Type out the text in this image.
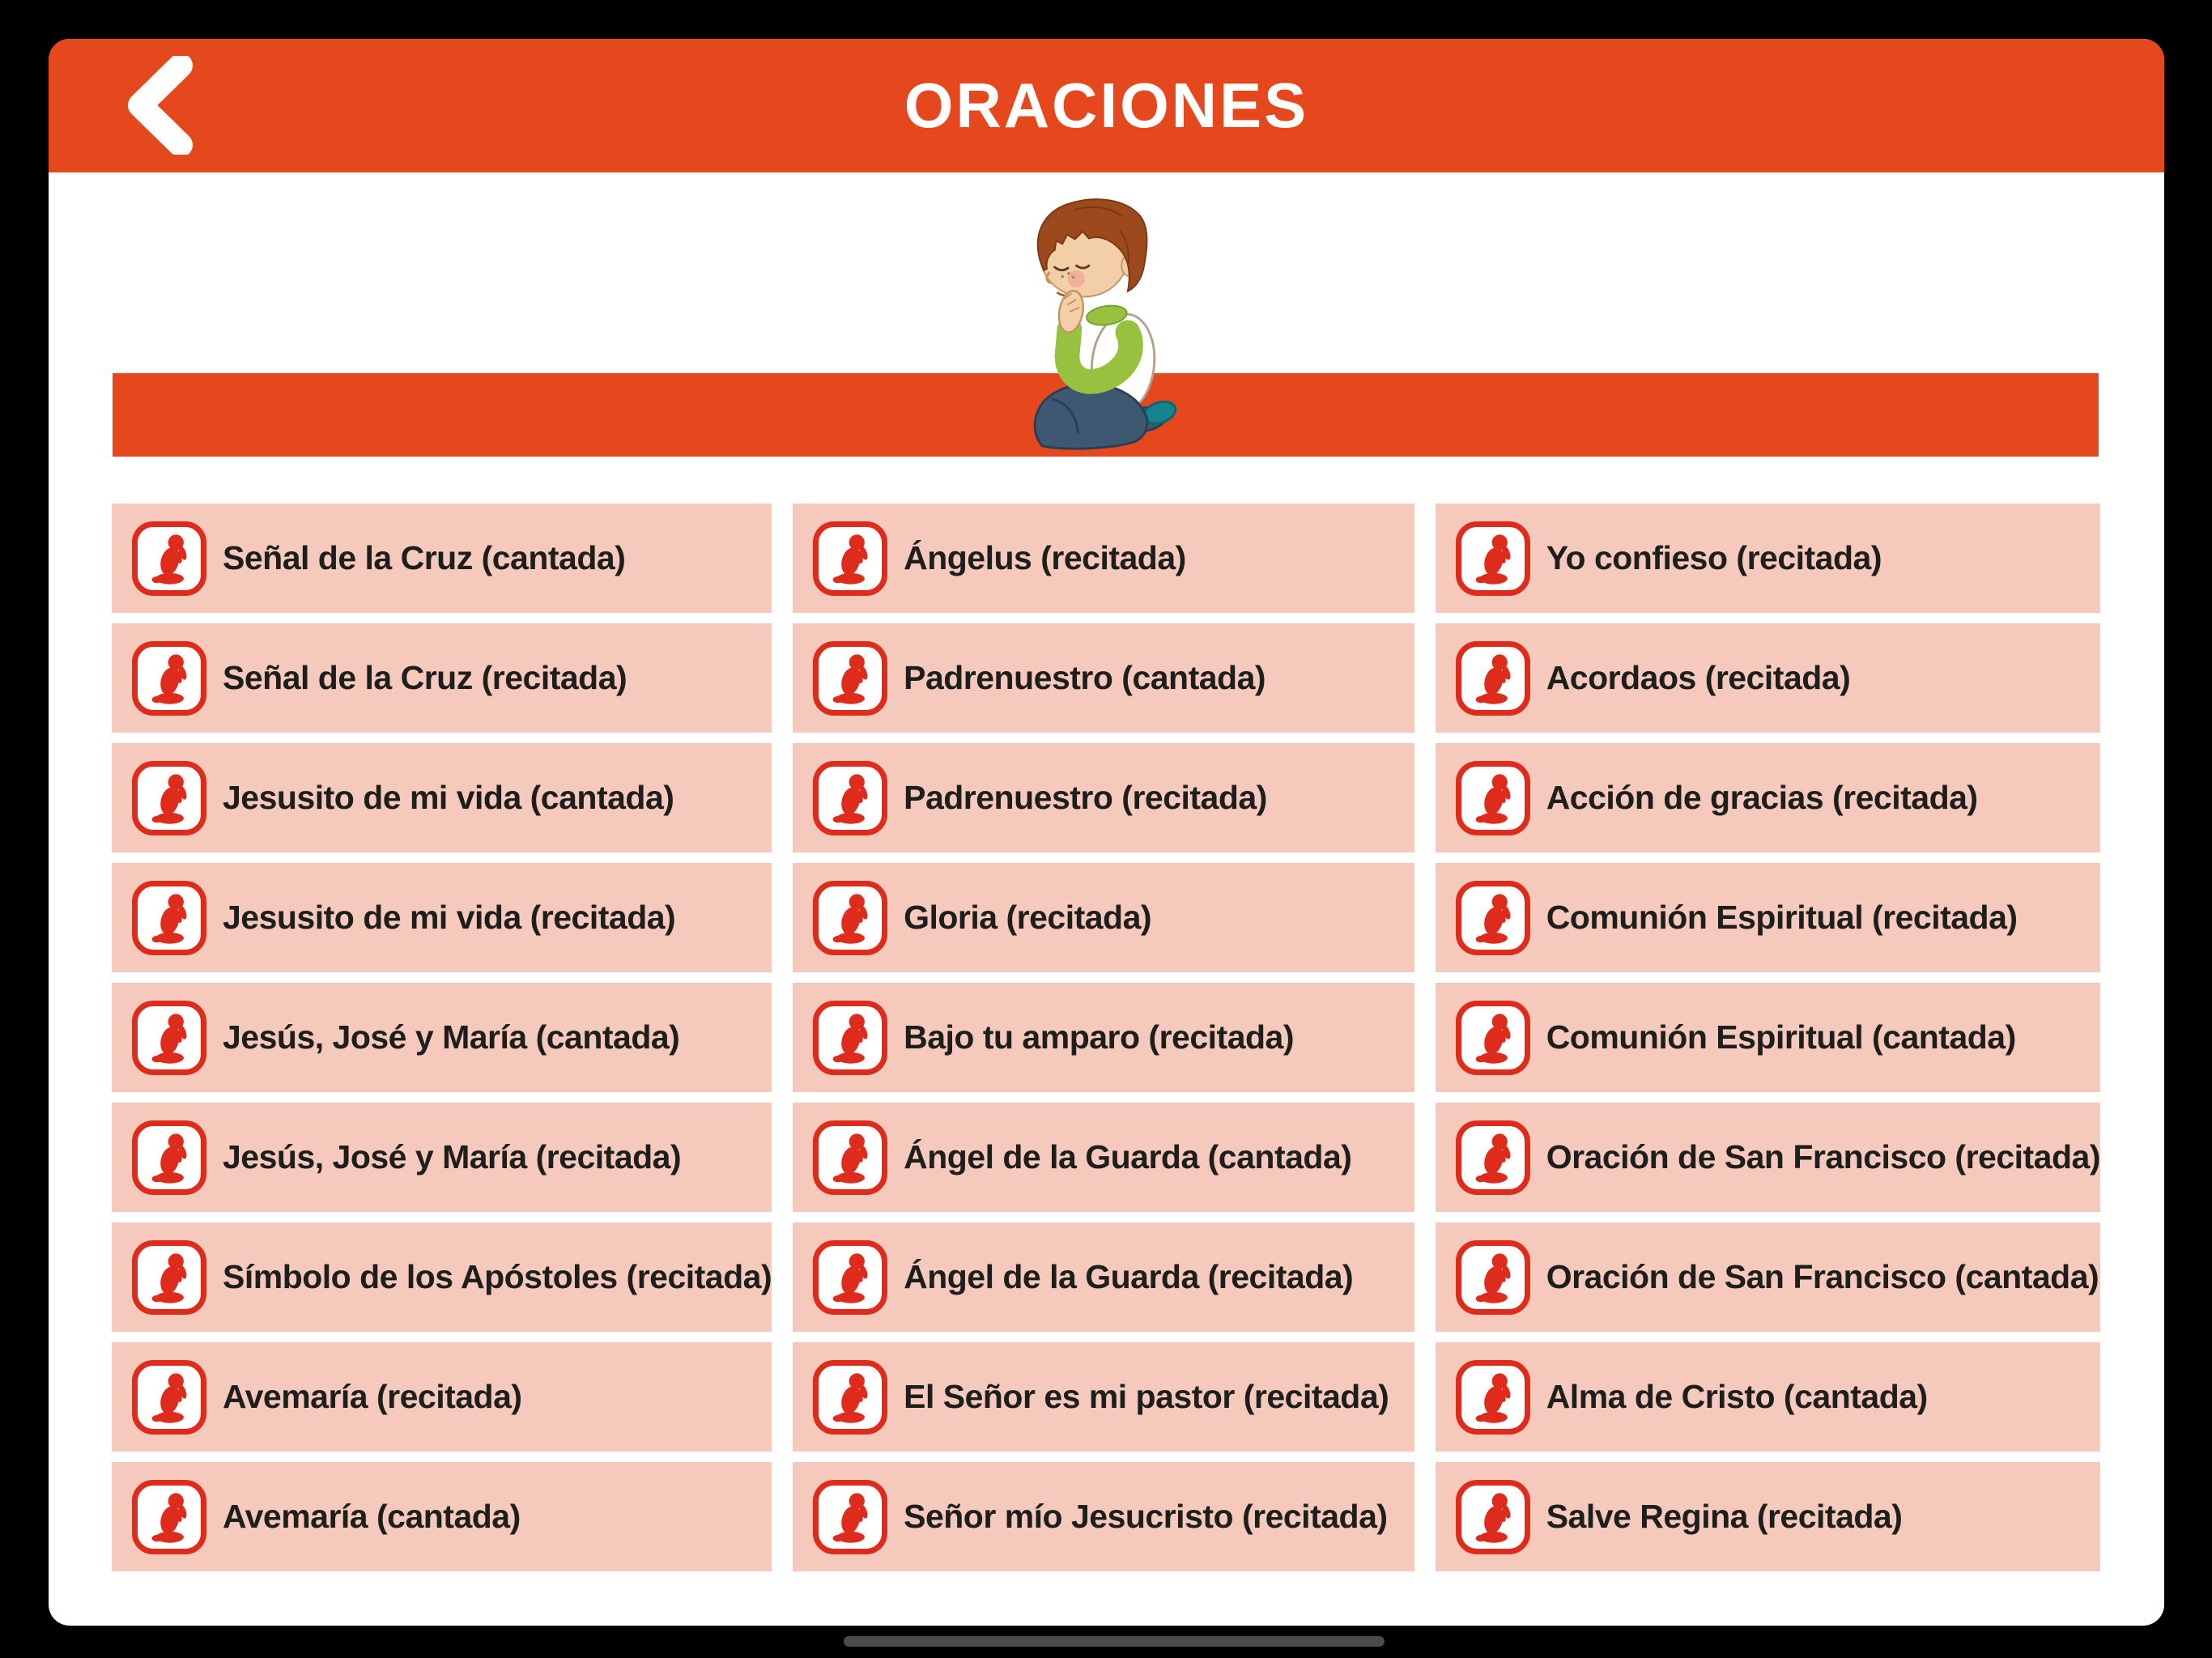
ORACIONES
Señal de la Cruz (cantada)
Señal de la Cruz (recitada)
Jesusito de mi vida (cantada)
Jesusito de mi vida (recitada)
Jesús, José y María (cantada)
Jesús, José y María (recitada)
Símbolo de los Apóstoles (recitada)
Avemaría (recitada)
Avemaría (cantada)
Ángelus (recitada)
Padrenuestro (cantada)
Padrenuestro (recitada)
Gloria (recitada)
Bajo tu amparo (recitada)
Ángel de la Guarda (cantada)
Ángel de la Guarda (recitada)
El Señor es mi pastor (recitada)
Señor mío Jesucristo (recitada)
Yo confieso (recitada)
Acordaos (recitada)
Acción de gracias (recitada)
Comunión Espiritual (recitada)
Comunión Espiritual (cantada)
Oración de San Francisco (recitada)
Oración de San Francisco (cantada)
Alma de Cristo (cantada)
Salve Regina (recitada)
